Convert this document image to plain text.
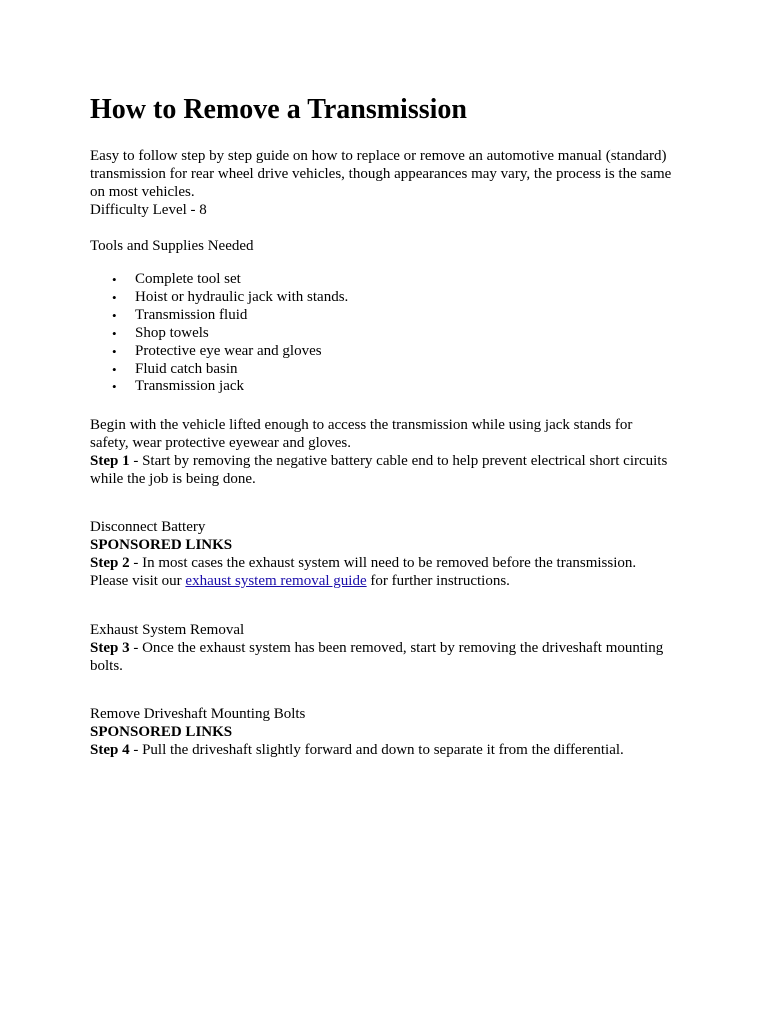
How to Remove a Transmission

Easy to follow step by step guide on how to replace or remove an automotive manual (standard)

transmission for rear wheel drive vehicles, though appearances may vary, the process is the same

on most vehicles.

Difficulty Level - 8

Tools and Supplies Needed

• Complete tool set
• Hoist or hydraulic jack with stands.
• Transmission fluid
• Shop towels
• Protective eye wear and gloves
• Fluid catch basin
• Transmission jack

Begin with the vehicle lifted enough to access the transmission while using jack stands for

safety, wear protective eyewear and gloves.

Step 1 - Start by removing the negative battery cable end to help prevent electrical short circuits

while the job is being done.

Disconnect Battery

SPONSORED LINKS

Step 2 - In most cases the exhaust system will need to be removed before the transmission.

Please visit our exhaust system removal guide for further instructions.

Exhaust System Removal

Step 3 - Once the exhaust system has been removed, start by removing the driveshaft mounting

bolts.

Remove Driveshaft Mounting Bolts

SPONSORED LINKS

Step 4 - Pull the driveshaft slightly forward and down to separate it from the differential.
